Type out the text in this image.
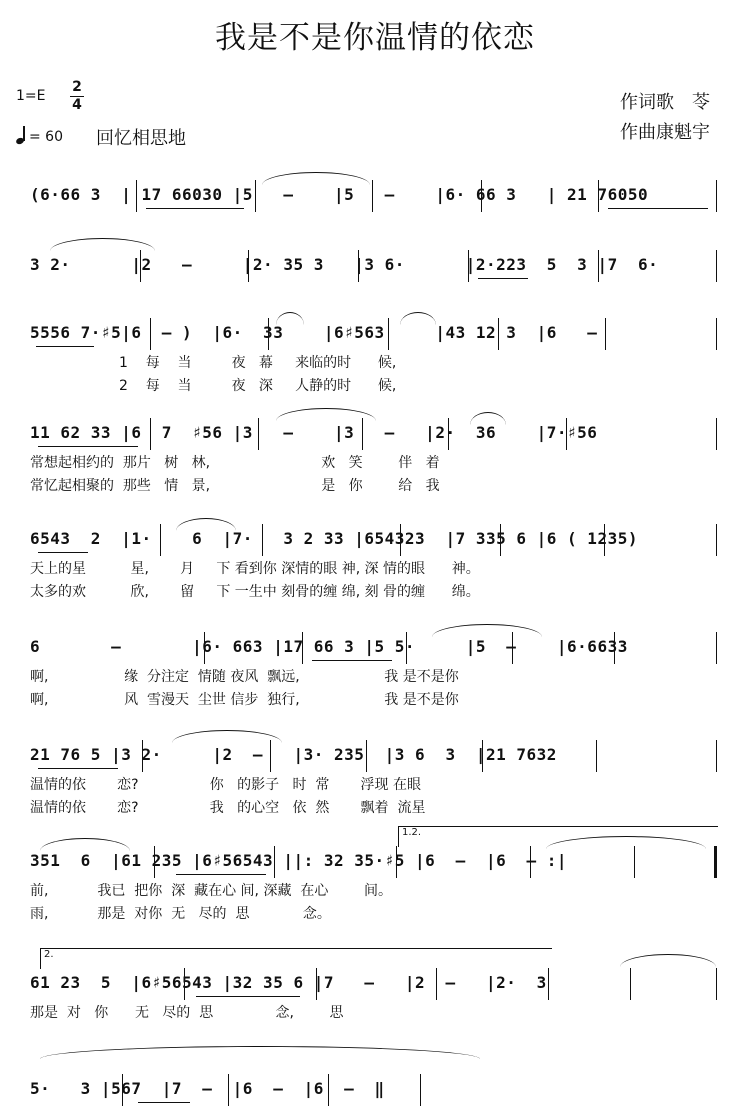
我是不是你温情的依恋
1=E
2
4
= 60 回忆相思地
作词歌　苓
作曲康魁宇
(6·66 3  | 17 66030 |5   –    |5   –    |6· 66 3   | 21 76050
3 2·      |2   –     |2· 35 3   |3 6·      |2·223  5  3 |7  6·
5556 7·♯5|6  – )  |6·  33    |6♯563     |43 12 3  |6   –
1    每    当         夜   幕     来临的时      候,
2    每    当         夜   深     人静的时      候,
11 62 33 |6  7  ♯56 |3   –    |3   –   |2·  36    |7·♯56
常想起相约的  那片   树   林,                         欢   笑        伴   着
常忆起相聚的  那些   情   景,                         是   你        给   我
6543  2  |1·    6  |7·   3 2 33 |654323  |7 335 6 |6 ( 1235)
天上的星          星,       月     下 看到你 深情的眼 神, 深 情的眼      神。
太多的欢          欣,       留     下 一生中 刻骨的缠 绵, 刻 骨的缠      绵。
6       –       |6· 663 |17 66 3 |5 5·     |5  –    |6·6633
啊,                 缘  分注定  情随 夜风  飘远,                   我 是不是你
啊,                 风  雪漫天  尘世 信步  独行,                   我 是不是你
21 76 5 |3 2·     |2  –   |3· 235  |3 6  3  |21 7632
温情的依       恋?                你   的影子   时  常       浮现 在眼
温情的依       恋?                我   的心空   依  然       飘着  流星
351  6  |61 235 |6♯56543 ||: 32 35·♯5 |6  –  |6  – :|
前,           我已  把你  深  藏在心 间, 深藏  在心        间。
雨,           那是  对你  无   尽的  思            念。
1.2.
61 23  5  |6♯56543 |32 35 6 |7   –   |2  –   |2·  3
那是  对   你      无   尽的  思              念,        思
2.
5·   3 |567  |7  –  |6  –  |6  –  ‖
